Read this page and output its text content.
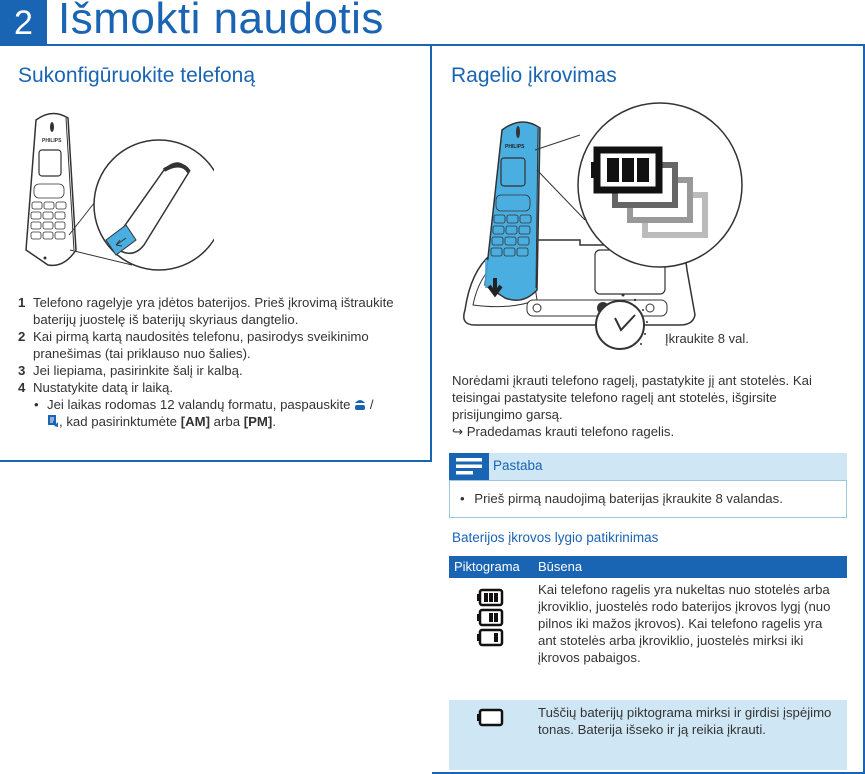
2 Išmokti naudotis
Sukonfigūruokite telefoną
PHILIPS
1 Telefono ragelyje yra įdėtos baterijos. Prieš įkrovimą ištraukite baterijų juostelę iš baterijų skyriaus dangtelio.
2 Kai pirmą kartą naudositės telefonu, pasirodys sveikinimo pranešimas (tai priklauso nuo šalies).
3 Jei liepiama, pasirinkite šalį ir kalbą.
4 Nustatykite datą ir laiką.
• Jei laikas rodomas 12 valandų formatu, paspauskite /
, kad pasirinktumėte [AM] arba [PM].
Ragelio įkrovimas
PHILIPS
Įkraukite 8 val.
Norėdami įkrauti telefono ragelį, pastatykite jį ant stotelės. Kai teisingai pastatysite telefono ragelį ant stotelės, išgirsite prisijungimo garsą.
↪ Pradedamas krauti telefono ragelis.
Pastaba
• Prieš pirmą naudojimą baterijas įkraukite 8 valandas.
Baterijos įkrovos lygio patikrinimas
Piktograma Būsena
Kai telefono ragelis yra nukeltas nuo stotelės arba įkroviklio, juostelės rodo baterijos įkrovos lygį (nuo pilnos iki mažos įkrovos). Kai telefono ragelis yra ant stotelės arba įkroviklio, juostelės mirksi iki įkrovos pabaigos.
Tuščių baterijų piktograma mirksi ir girdisi įspėjimo tonas. Baterija išseko ir ją reikia įkrauti.
